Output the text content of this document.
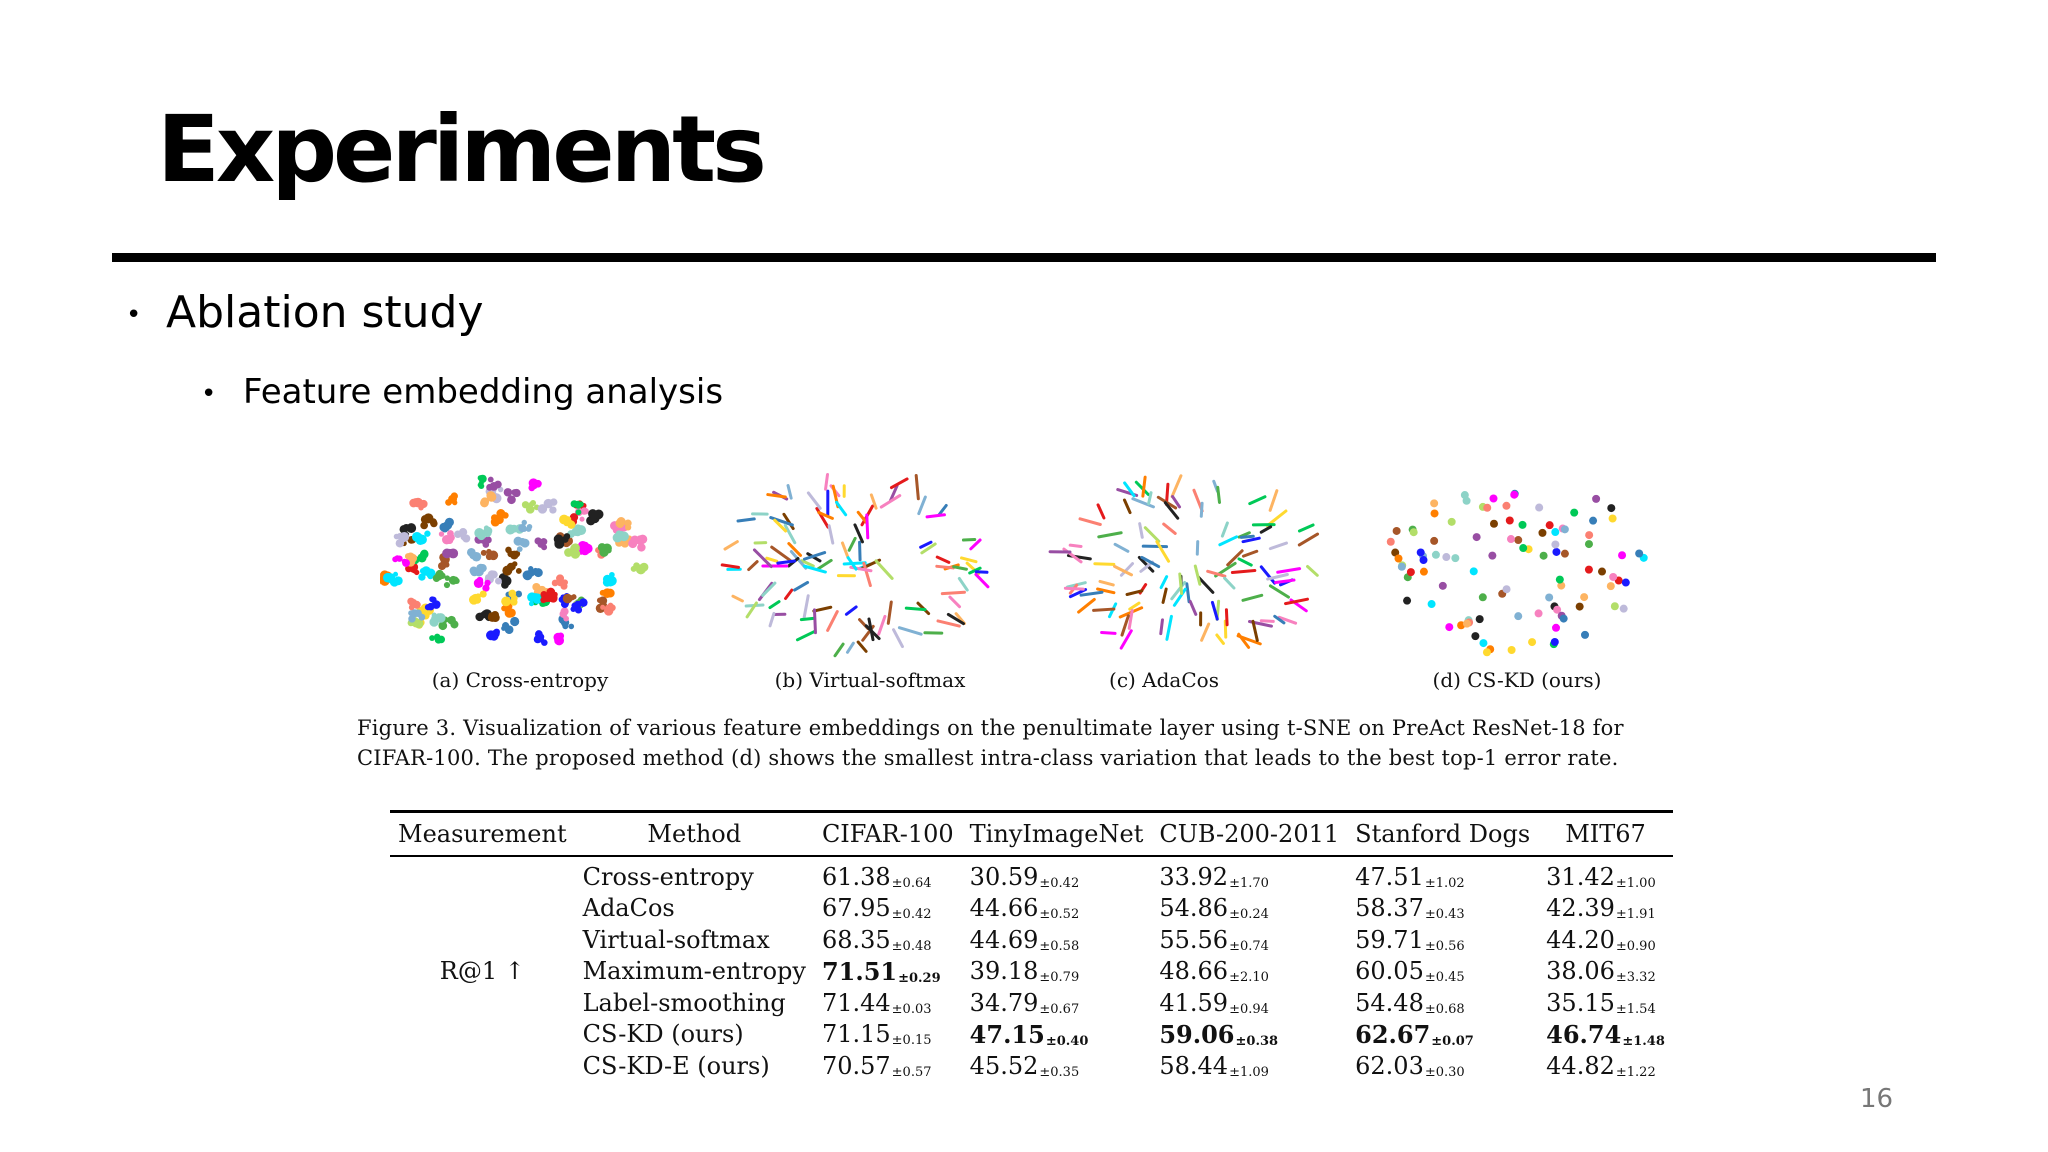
Experiments
• Ablation study
• Feature embedding analysis
(a) Cross-entropy	(b) Virtual-softmax	(c) AdaCos	(d) CS-KD (ours)
Figure 3. Visualization of various feature embeddings on the penultimate layer using t-SNE on PreAct ResNet-18 for CIFAR-100. The proposed method (d) shows the smallest intra-class variation that leads to the best top-1 error rate.
Measurement	Method	CIFAR-100	TinyImageNet	CUB-200-2011	Stanford Dogs	MIT67
R@1 ↑	Cross-entropy	61.38±0.64	30.59±0.42	33.92±1.70	47.51±1.02	31.42±1.00
	AdaCos	67.95±0.42	44.66±0.52	54.86±0.24	58.37±0.43	42.39±1.91
	Virtual-softmax	68.35±0.48	44.69±0.58	55.56±0.74	59.71±0.56	44.20±0.90
	Maximum-entropy	71.51±0.29	39.18±0.79	48.66±2.10	60.05±0.45	38.06±3.32
	Label-smoothing	71.44±0.03	34.79±0.67	41.59±0.94	54.48±0.68	35.15±1.54
	CS-KD (ours)	71.15±0.15	47.15±0.40	59.06±0.38	62.67±0.07	46.74±1.48
	CS-KD-E (ours)	70.57±0.57	45.52±0.35	58.44±1.09	62.03±0.30	44.82±1.22
16
